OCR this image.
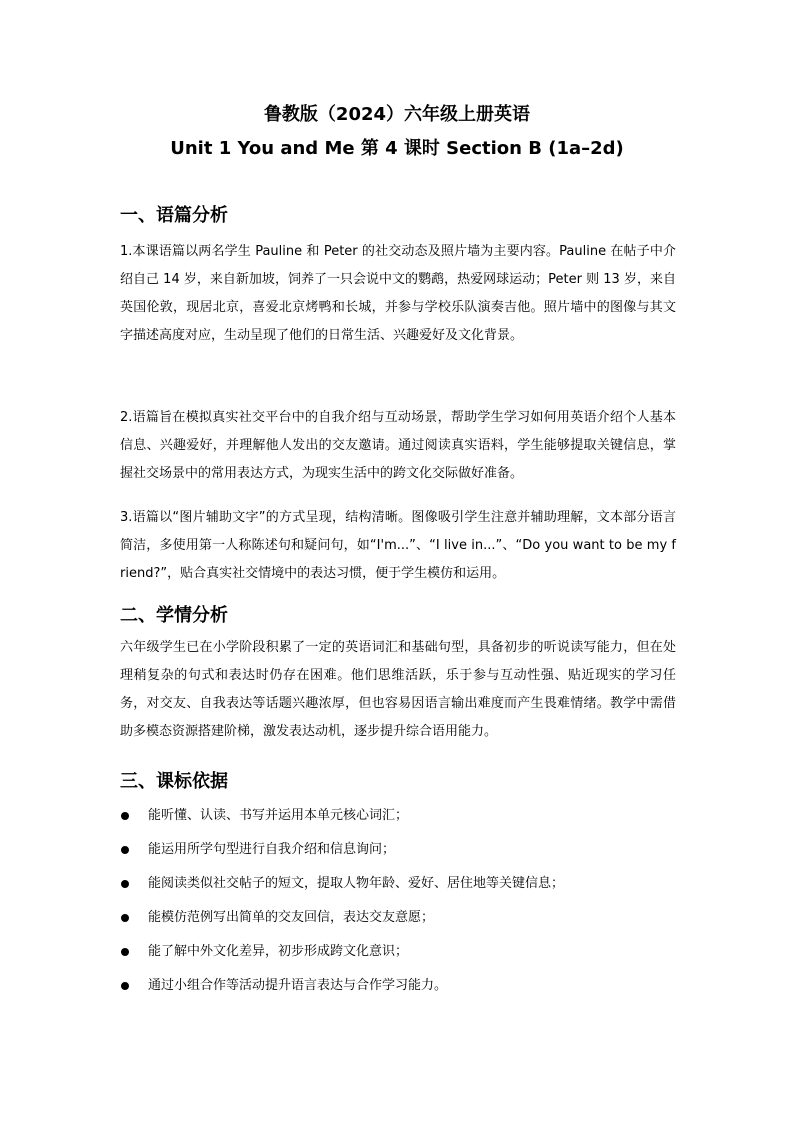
鲁教版（2024）六年级上册英语
Unit 1 You and Me 第 4 课时 Section B (1a–2d)
一、语篇分析
1.本课语篇以两名学生 Pauline 和 Peter 的社交动态及照片墙为主要内容。Pauline 在帖子中介绍自己 14 岁，来自新加坡，饲养了一只会说中文的鹦鹉，热爱网球运动；Peter 则 13 岁，来自英国伦敦，现居北京，喜爱北京烤鸭和长城，并参与学校乐队演奏吉他。照片墙中的图像与其文字描述高度对应，生动呈现了他们的日常生活、兴趣爱好及文化背景。
2.语篇旨在模拟真实社交平台中的自我介绍与互动场景，帮助学生学习如何用英语介绍个人基本信息、兴趣爱好，并理解他人发出的交友邀请。通过阅读真实语料，学生能够提取关键信息，掌握社交场景中的常用表达方式，为现实生活中的跨文化交际做好准备。
3.语篇以“图片辅助文字”的方式呈现，结构清晰。图像吸引学生注意并辅助理解，文本部分语言简洁，多使用第一人称陈述句和疑问句，如“I'm...”、“I live in...”、“Do you want to be my friend?”，贴合真实社交情境中的表达习惯，便于学生模仿和运用。
二、学情分析
六年级学生已在小学阶段积累了一定的英语词汇和基础句型，具备初步的听说读写能力，但在处理稍复杂的句式和表达时仍存在困难。他们思维活跃，乐于参与互动性强、贴近现实的学习任务，对交友、自我表达等话题兴趣浓厚，但也容易因语言输出难度而产生畏难情绪。教学中需借助多模态资源搭建阶梯，激发表达动机，逐步提升综合语用能力。
三、课标依据
能听懂、认读、书写并运用本单元核心词汇；
能运用所学句型进行自我介绍和信息询问；
能阅读类似社交帖子的短文，提取人物年龄、爱好、居住地等关键信息；
能模仿范例写出简单的交友回信，表达交友意愿；
能了解中外文化差异，初步形成跨文化意识；
通过小组合作等活动提升语言表达与合作学习能力。
